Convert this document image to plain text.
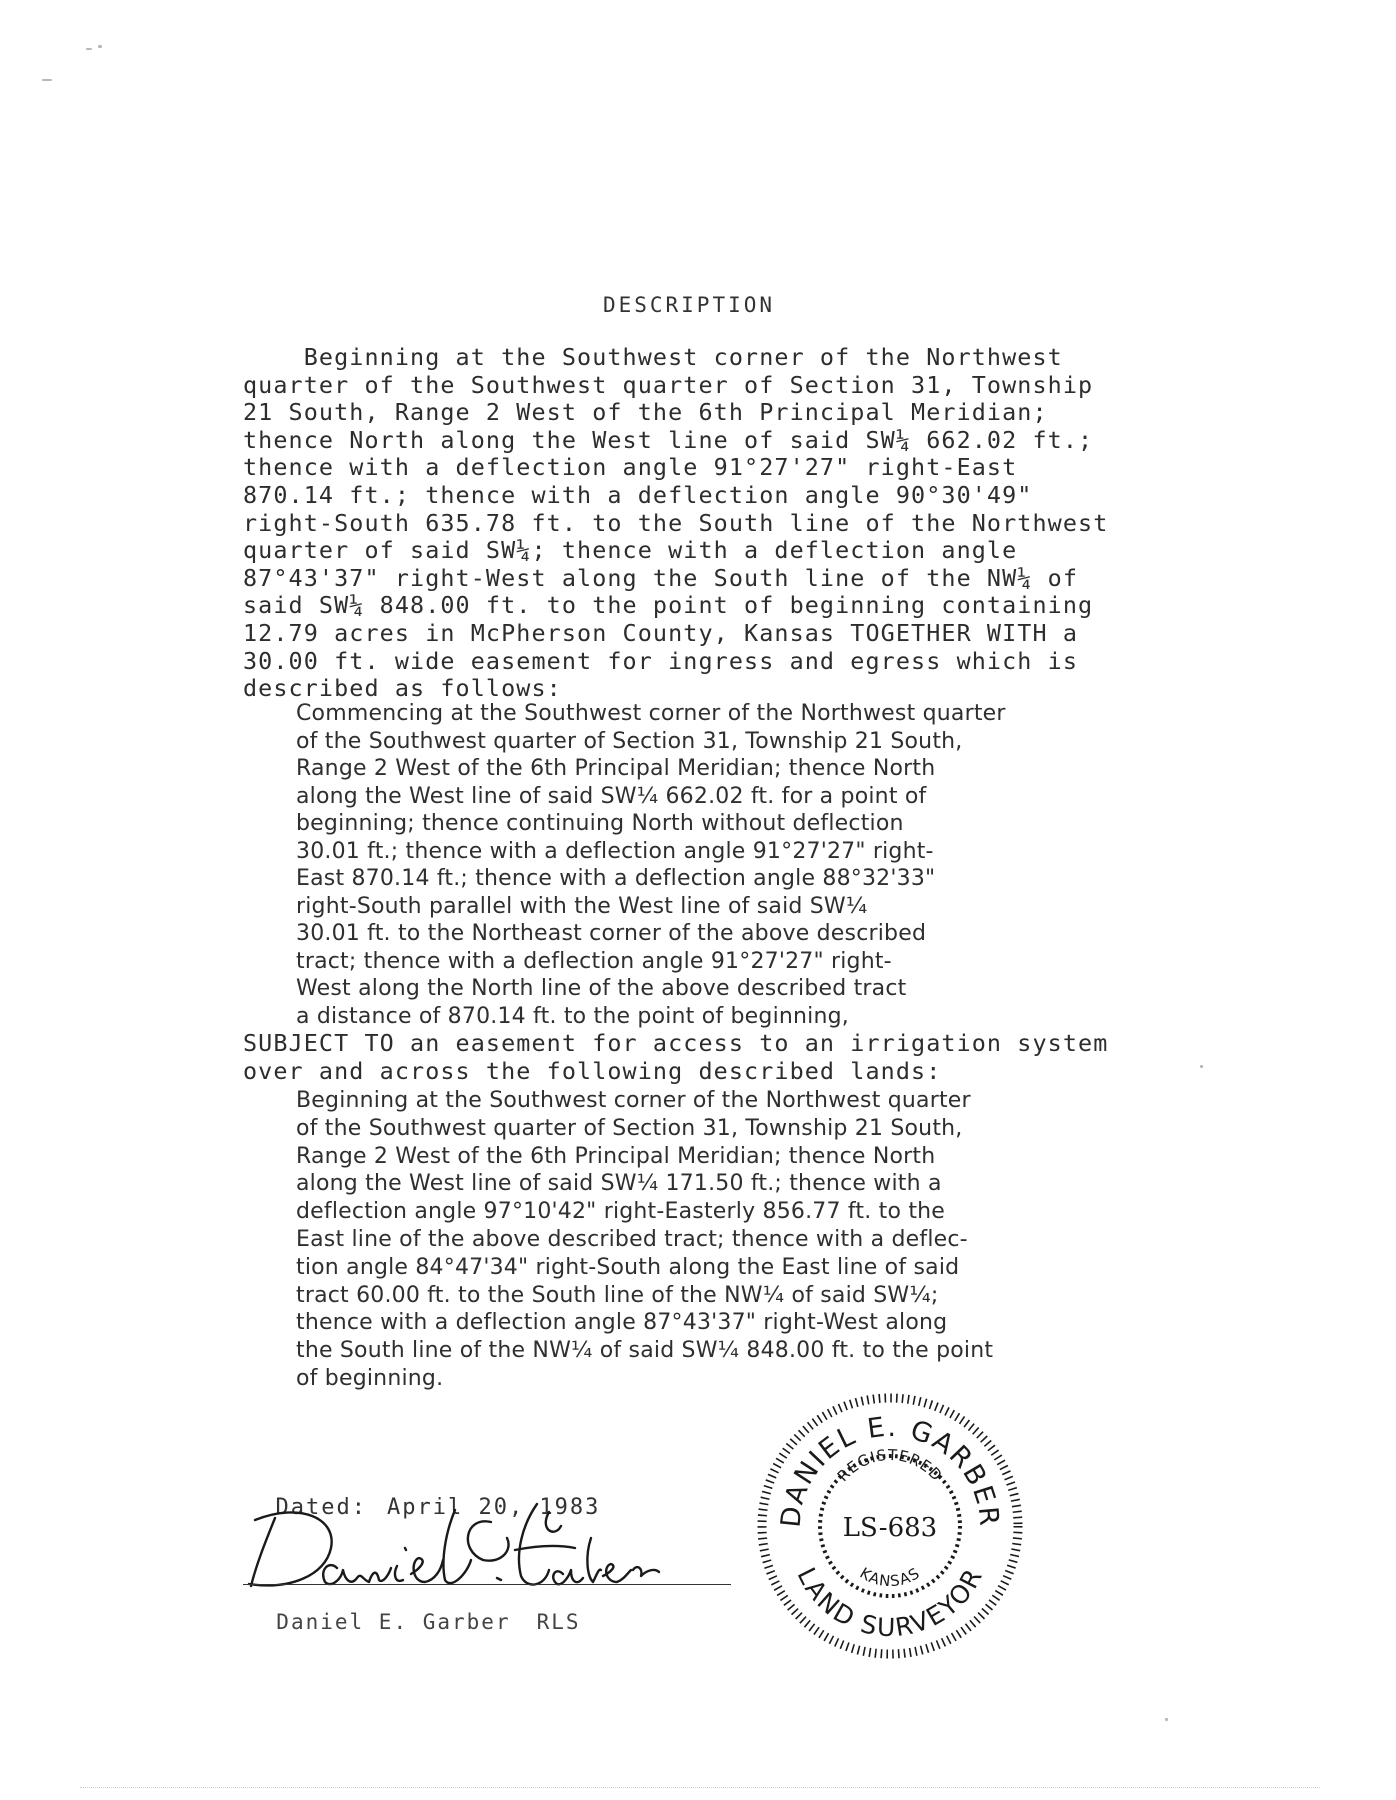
DESCRIPTION
Beginning at the Southwest corner of the Northwest
quarter of the Southwest quarter of Section 31, Township
21 South, Range 2 West of the 6th Principal Meridian;
thence North along the West line of said SW¼ 662.02 ft.;
thence with a deflection angle 91°27'27" right-East
870.14 ft.; thence with a deflection angle 90°30'49"
right-South 635.78 ft. to the South line of the Northwest
quarter of said SW¼; thence with a deflection angle
87°43'37" right-West along the South line of the NW¼ of
said SW¼ 848.00 ft. to the point of beginning containing
12.79 acres in McPherson County, Kansas TOGETHER WITH a
30.00 ft. wide easement for ingress and egress which is
described as follows:
Commencing at the Southwest corner of the Northwest quarter
of the Southwest quarter of Section 31, Township 21 South,
Range 2 West of the 6th Principal Meridian; thence North
along the West line of said SW¼ 662.02 ft. for a point of
beginning; thence continuing North without deflection
30.01 ft.; thence with a deflection angle 91°27'27" right-
East 870.14 ft.; thence with a deflection angle 88°32'33"
right-South parallel with the West line of said SW¼
30.01 ft. to the Northeast corner of the above described
tract; thence with a deflection angle 91°27'27" right-
West along the North line of the above described tract
a distance of 870.14 ft. to the point of beginning,
SUBJECT TO an easement for access to an irrigation system
over and across the following described lands:
Beginning at the Southwest corner of the Northwest quarter
of the Southwest quarter of Section 31, Township 21 South,
Range 2 West of the 6th Principal Meridian; thence North
along the West line of said SW¼ 171.50 ft.; thence with a
deflection angle 97°10'42" right-Easterly 856.77 ft. to the
East line of the above described tract; thence with a deflec-
tion angle 84°47'34" right-South along the East line of said
tract 60.00 ft. to the South line of the NW¼ of said SW¼;
thence with a deflection angle 87°43'37" right-West along
the South line of the NW¼ of said SW¼ 848.00 ft. to the point
of beginning.

Dated: April 20, 1983

Daniel E. Garber RLS

DANIEL E. GARBER
REGISTERED
LS-683
KANSAS
LAND SURVEYOR
